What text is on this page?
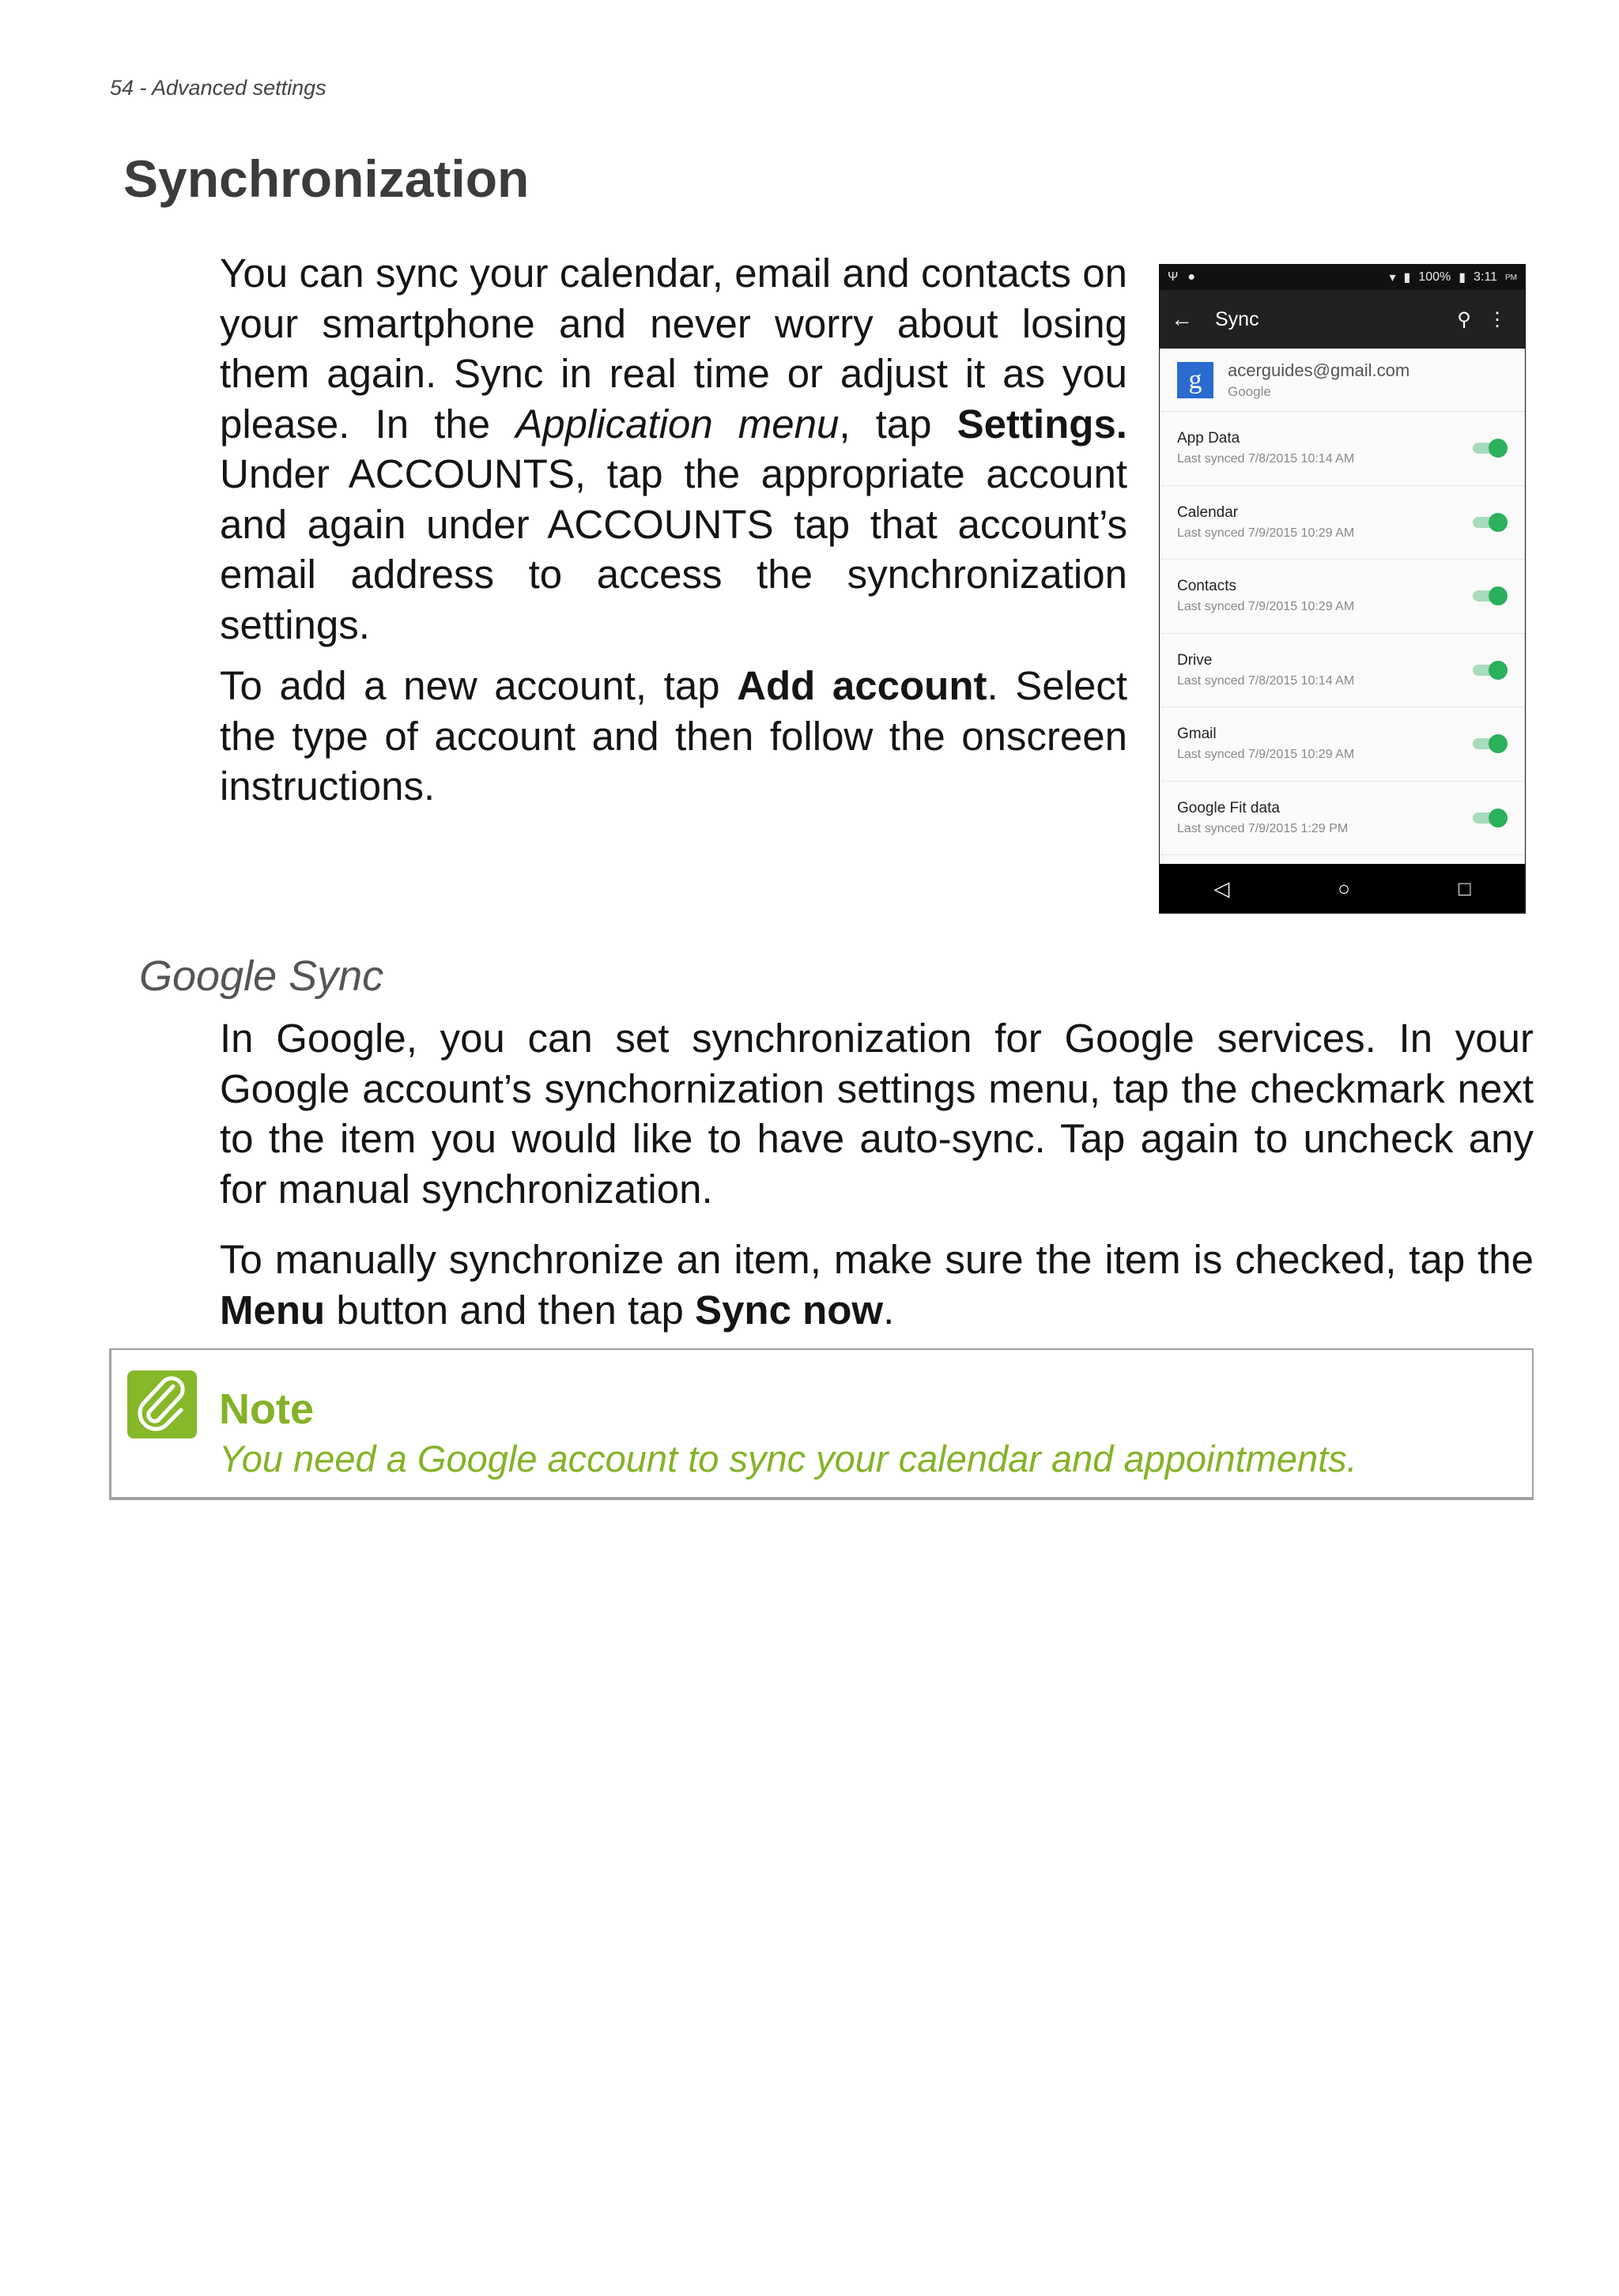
54 - Advanced settings
Synchronization

You can sync your calendar, email and contacts on your smartphone and never worry about losing them again. Sync in real time or adjust it as you please. In the Application menu, tap Settings. Under ACCOUNTS, tap the appropriate account and again under ACCOUNTS tap that account’s email address to access the synchronization settings.

To add a new account, tap Add account. Select the type of account and then follow the onscreen instructions.

Ψ ●	▾ ▮ 100% ▮ 3:11 PM
←	Sync	⚲ ⋮
g	acerguides@gmail.com
Google
App Data
Last synced 7/8/2015 10:14 AM
Calendar
Last synced 7/9/2015 10:29 AM
Contacts
Last synced 7/9/2015 10:29 AM
Drive
Last synced 7/8/2015 10:14 AM
Gmail
Last synced 7/9/2015 10:29 AM
Google Fit data
Last synced 7/9/2015 1:29 PM
◁	○	□
Google Sync

In Google, you can set synchronization for Google services. In your Google account’s synchornization settings menu, tap the checkmark next to the item you would like to have auto-sync. Tap again to uncheck any for manual synchronization.

To manually synchronize an item, make sure the item is checked, tap the Menu button and then tap Sync now.

Note
You need a Google account to sync your calendar and appointments.
